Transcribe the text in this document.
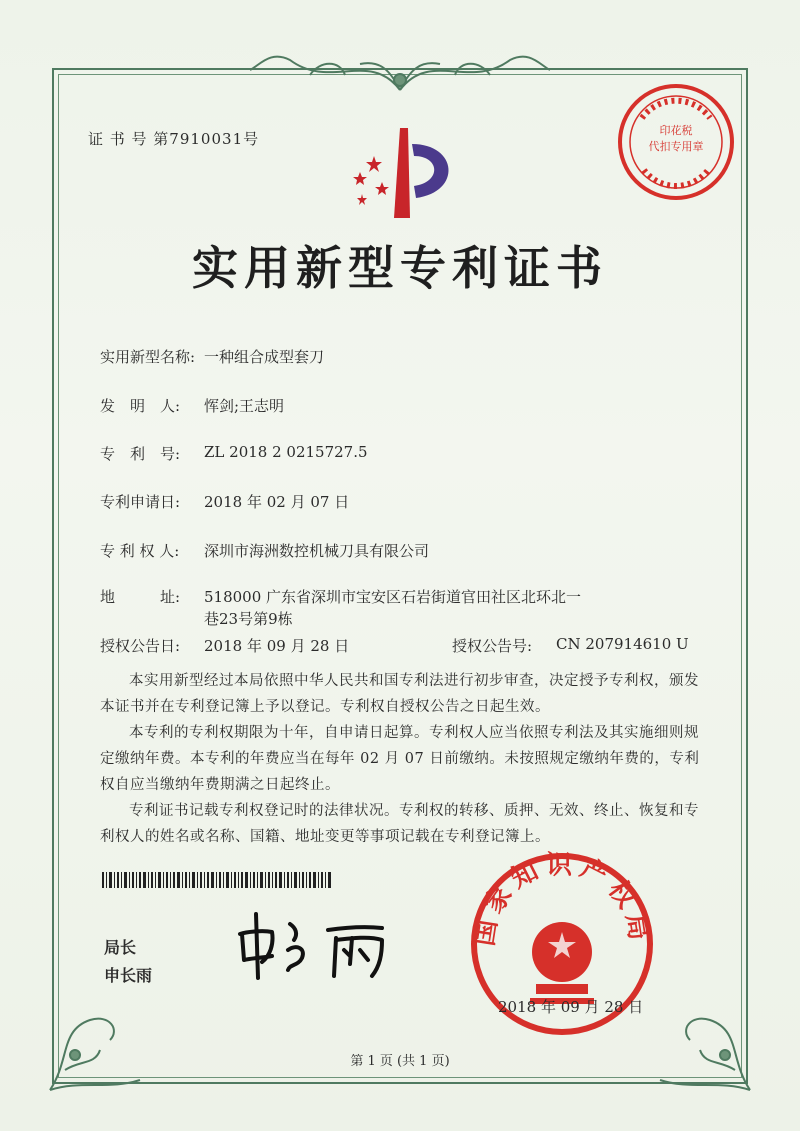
证 书 号 第7910031号
实用新型专利证书
实用新型名称: 一种组合成型套刀
发　明　人: 恽剑;王志明
专　利　号: ZL 2018 2 0215727.5
专利申请日: 2018 年 02 月 07 日
专 利 权 人: 深圳市海洲数控机械刀具有限公司
地　　　址: 518000 广东省深圳市宝安区石岩街道官田社区北环北一
巷23号第9栋
授权公告日: 2018 年 09 月 28 日	授权公告号: CN 207914610 U
本实用新型经过本局依照中华人民共和国专利法进行初步审查，决定授予专利权，颁发本证书并在专利登记簿上予以登记。专利权自授权公告之日起生效。
本专利的专利权期限为十年，自申请日起算。专利权人应当依照专利法及其实施细则规定缴纳年费。本专利的年费应当在每年 02 月 07 日前缴纳。未按照规定缴纳年费的，专利权自应当缴纳年费期满之日起终止。
专利证书记载专利权登记时的法律状况。专利权的转移、质押、无效、终止、恢复和专利权人的姓名或名称、国籍、地址变更等事项记载在专利登记簿上。
局长
申长雨
印花税
代扣专用章
国家知识产权局
2018 年 09 月 28 日
第 1 页 (共 1 页)
